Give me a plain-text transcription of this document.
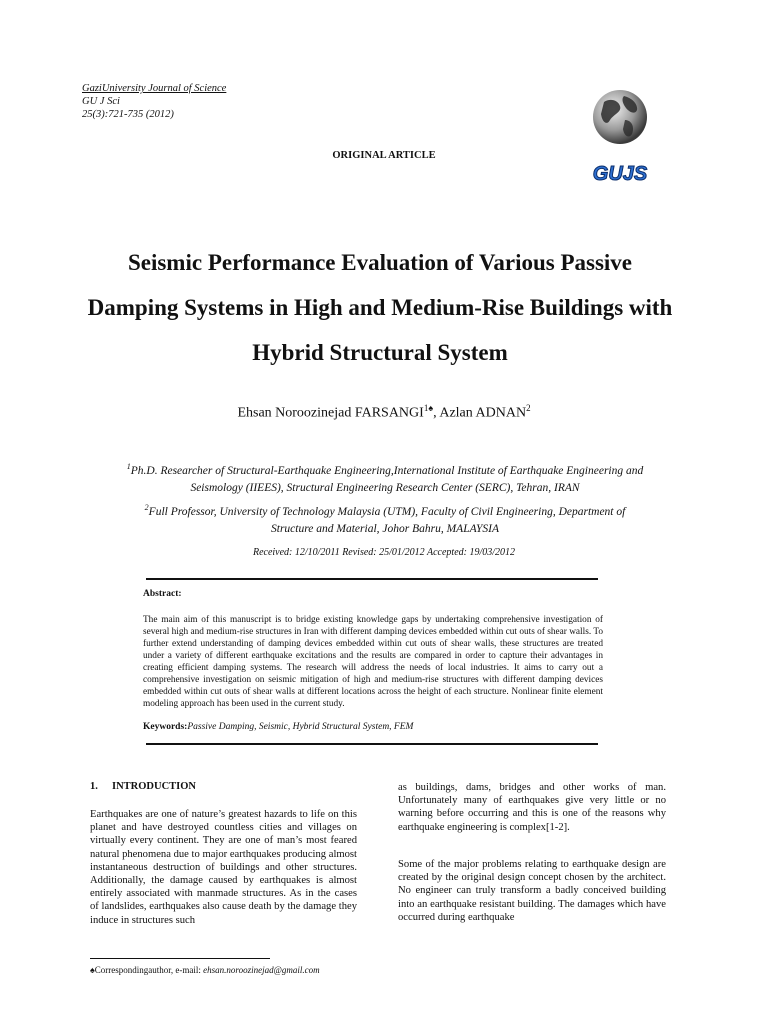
GaziUniversity Journal of Science
GU J Sci
25(3):721-735 (2012)
GUJS
ORIGINAL ARTICLE
Seismic Performance Evaluation of Various Passive
Damping Systems in High and Medium-Rise Buildings with
Hybrid Structural System
Ehsan Noroozinejad $FARSANGI^{1♠}$, Azlan ADNAN$^2$
$^1$Ph.D. Researcher of Structural-Earthquake Engineering,International Institute of Earthquake Engineering and
Seismology (IIEES), Structural Engineering Research Center (SERC), Tehran, IRAN
$^2$Full Professor, University of Technology Malaysia (UTM), Faculty of Civil Engineering, Department of
Structure and Material, Johor Bahru, MALAYSIA
Received: 12/10/2011 Revised: 25/01/2012 Accepted: 19/03/2012
Abstract:
The main aim of this manuscript is to bridge existing knowledge gaps by undertaking comprehensive investigation of several high and medium-rise structures in Iran with different damping devices embedded within cut outs of shear walls. To further extend understanding of damping devices embedded within cut outs of shear walls, these structures are treated under a variety of different earthquake excitations and the results are compared in order to capture their advantages in creating efficient damping systems. The research will address the needs of local industries. It aims to carry out a comprehensive investigation on seismic mitigation of high and medium-rise structures with different damping devices embedded within cut outs of shear walls at different locations across the height of each structure. Nonlinear finite element modeling approach has been used in the current study.
Keywords:Passive Damping, Seismic, Hybrid Structural System, FEM
1. INTRODUCTION

Earthquakes are one of nature’s greatest hazards to life on this planet and have destroyed countless cities and villages on virtually every continent. They are one of man’s most feared natural phenomena due to major earthquakes producing almost instantaneous destruction of buildings and other structures. Additionally, the damage caused by earthquakes is almost entirely associated with manmade structures. As in the cases of landslides, earthquakes also cause death by the damage they induce in structures such

as buildings, dams, bridges and other works of man. Unfortunately many of earthquakes give very little or no warning before occurring and this is one of the reasons why earthquake engineering is complex[1-2].

Some of the major problems relating to earthquake design are created by the original design concept chosen by the architect. No engineer can truly transform a badly conceived building into an earthquake resistant building. The damages which have occurred during earthquake

♠Correspondingauthor, e-mail: ehsan.noroozinejad@gmail.com
